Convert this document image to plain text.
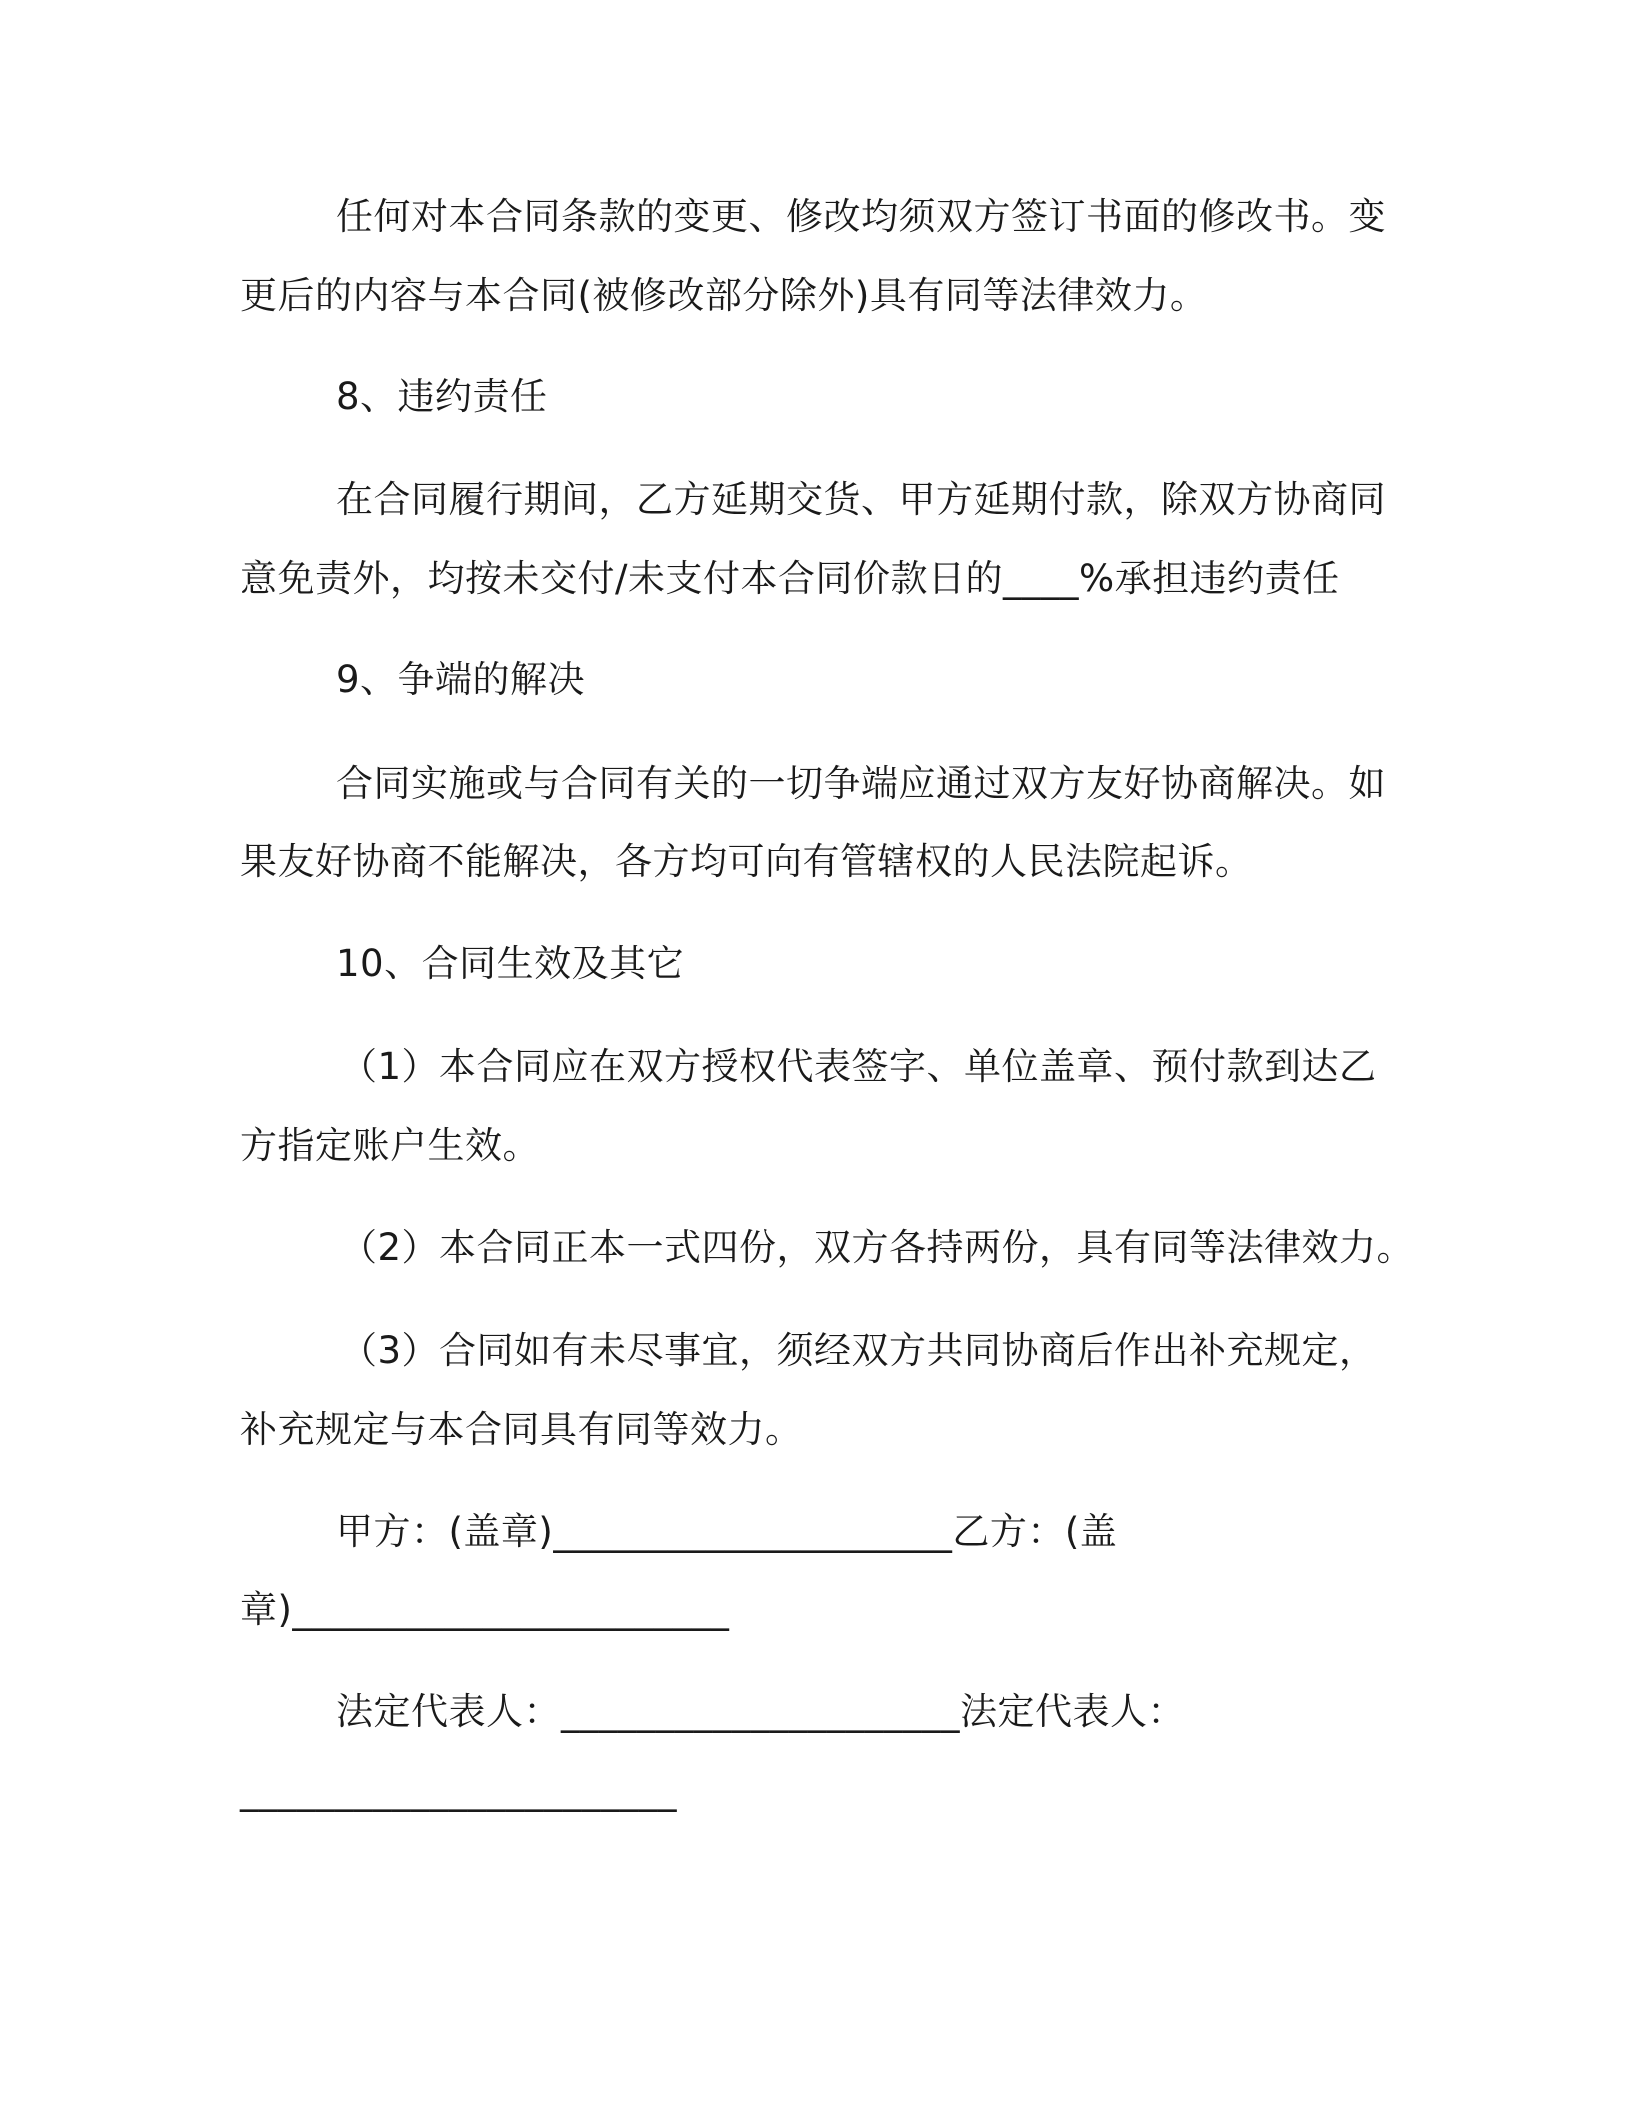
任何对本合同条款的变更、修改均须双方签订书面的修改书。变
更后的内容与本合同(被修改部分除外)具有同等法律效力。
8、违约责任
在合同履行期间，乙方延期交货、甲方延期付款，除双方协商同
意免责外，均按未交付/未支付本合同价款日的____%承担违约责任
9、争端的解决
合同实施或与合同有关的一切争端应通过双方友好协商解决。如
果友好协商不能解决，各方均可向有管辖权的人民法院起诉。
10、合同生效及其它
（1）本合同应在双方授权代表签字、单位盖章、预付款到达乙
方指定账户生效。
（2）本合同正本一式四份，双方各持两份，具有同等法律效力。
（3）合同如有未尽事宜，须经双方共同协商后作出补充规定，
补充规定与本合同具有同等效力。
甲方：(盖章)_____________________乙方：(盖
章)_______________________
法定代表人：_____________________法定代表人：
_______________________
